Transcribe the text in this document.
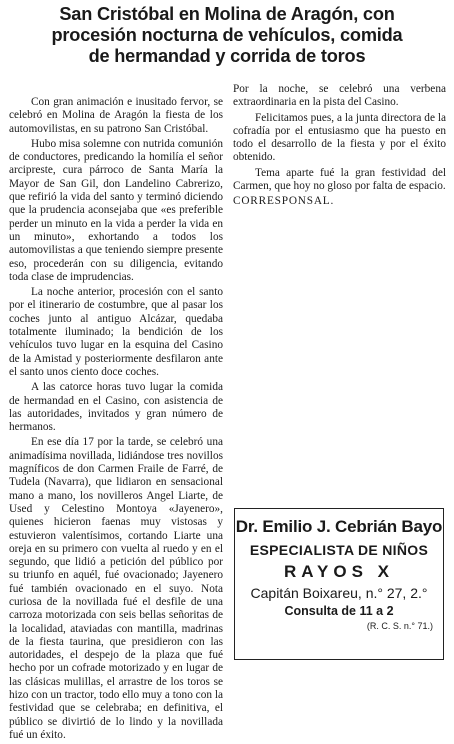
San Cristóbal en Molina de Aragón, con
procesión nocturna de vehículos, comida
de hermandad y corrida de toros

Con gran animación e inusitado fervor, se celebró en Molina de Aragón la fiesta de los automovilistas, en su patrono San Cristóbal.

Hubo misa solemne con nutrida comunión de conductores, predicando la homilía el señor arcipreste, cura párroco de Santa María la Mayor de San Gil, don Landelino Cabrerizo, que refirió la vida del santo y terminó diciendo que la prudencia aconsejaba que «es preferible perder un minuto en la vida a perder la vida en un minuto», exhortando a todos los automovilistas a que teniendo siempre presente eso, procederán con su diligencia, evitando toda clase de imprudencias.

La noche anterior, procesión con el santo por el itinerario de costumbre, que al pasar los coches junto al antiguo Alcázar, quedaba totalmente iluminado; la bendición de los vehículos tuvo lugar en la esquina del Casino de la Amistad y posteriormente desfilaron ante el santo unos ciento doce coches.

A las catorce horas tuvo lugar la comida de hermandad en el Casino, con asistencia de las autoridades, invitados y gran número de hermanos.

En ese día 17 por la tarde, se celebró una animadísima novillada, lidiándose tres novillos magníficos de don Carmen Fraile de Farré, de Tudela (Navarra), que lidiaron en sensacional mano a mano, los novilleros Angel Liarte, de Used y Celestino Montoya «Jayenero», quienes hicieron faenas muy vistosas y estuvieron valentísimos, cortando Liarte una oreja en su primero con vuelta al ruedo y en el segundo, que lidió a petición del público por su triunfo en aquél, fué ovacionado; Jayenero fué también ovacionado en el suyo. Nota curiosa de la novillada fué el desfile de una carroza motorizada con seis bellas señoritas de la localidad, ataviadas con mantilla, madrinas de la fiesta taurina, que presidieron con las autoridades, el despejo de la plaza que fué hecho por un cofrade motorizado y en lugar de las clásicas mulillas, el arrastre de los toros se hizo con un tractor, todo ello muy a tono con la festividad que se celebraba; en definitiva, el público se divirtió de lo lindo y la novillada fué un éxito.

Por la noche, se celebró una verbena extraordinaria en la pista del Casino.

Felicitamos pues, a la junta directora de la cofradía por el entusiasmo que ha puesto en todo el desarrollo de la fiesta y por el éxito obtenido.

Tema aparte fué la gran festividad del Carmen, que hoy no gloso por falta de espacio.

CORRESPONSAL.

Dr. Emilio J. Cebrián Bayo
ESPECIALISTA DE NIÑOS
RAYOS X
Capitán Boixareu, n.° 27, 2.°
Consulta de 11 a 2
(R. C. S. n.° 71.)
